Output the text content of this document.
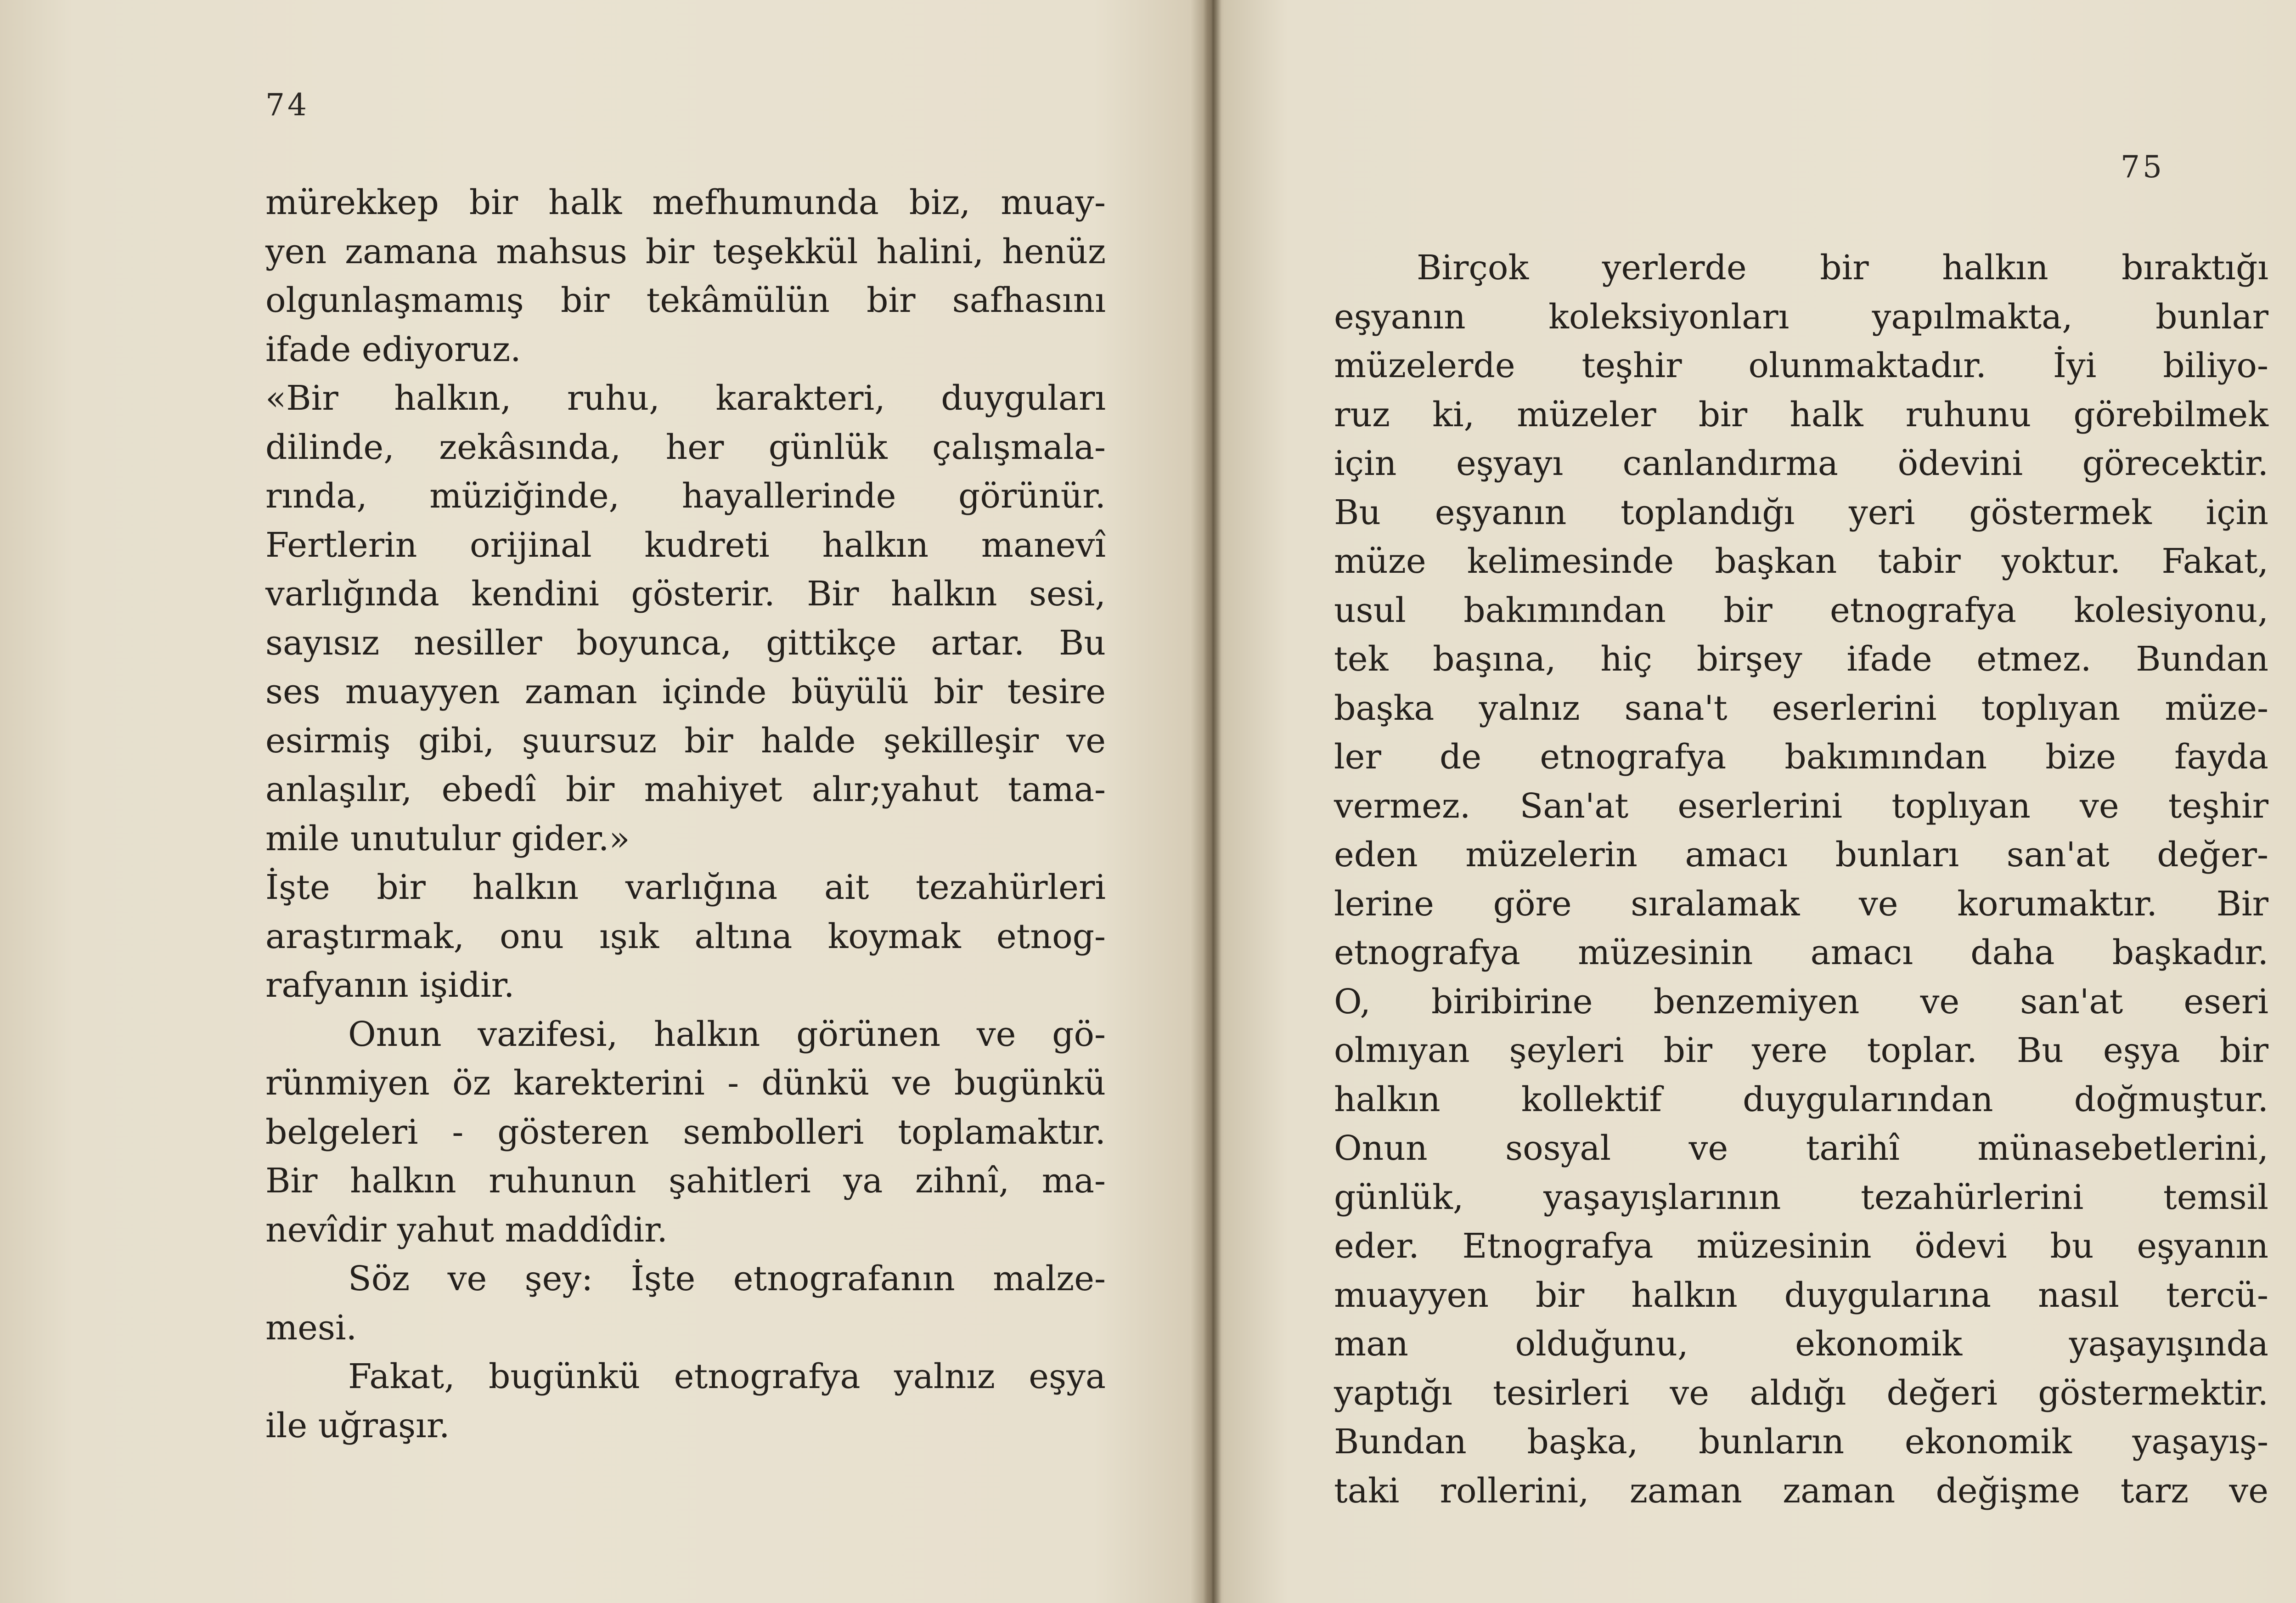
74
mürekkep bir halk mefhumunda biz, muay-
yen zamana mahsus bir teşekkül halini, henüz
olgunlaşmamış bir tekâmülün bir safhasını
ifade ediyoruz.
«Bir halkın, ruhu, karakteri, duyguları
dilinde, zekâsında, her günlük çalışmala-
rında, müziğinde, hayallerinde görünür.
Fertlerin orijinal kudreti halkın manevî
varlığında kendini gösterir. Bir halkın sesi,
sayısız nesiller boyunca, gittikçe artar. Bu
ses muayyen zaman içinde büyülü bir tesire
esirmiş gibi, şuursuz bir halde şekilleşir ve
anlaşılır, ebedî bir mahiyet alır;yahut tama-
mile unutulur gider.»
İşte bir halkın varlığına ait tezahürleri
araştırmak, onu ışık altına koymak etnog-
rafyanın işidir.
Onun vazifesi, halkın görünen ve gö-
rünmiyen öz karekterini - dünkü ve bugünkü
belgeleri - gösteren sembolleri toplamaktır.
Bir halkın ruhunun şahitleri ya zihnî, ma-
nevîdir yahut maddîdir.
Söz ve şey: İşte etnografanın malze-
mesi.
Fakat, bugünkü etnografya yalnız eşya
ile uğraşır.
75
Birçok yerlerde bir halkın bıraktığı
eşyanın koleksiyonları yapılmakta, bunlar
müzelerde teşhir olunmaktadır. İyi biliyo-
ruz ki, müzeler bir halk ruhunu görebilmek
için eşyayı canlandırma ödevini görecektir.
Bu eşyanın toplandığı yeri göstermek için
müze kelimesinde başkan tabir yoktur. Fakat,
usul bakımından bir etnografya kolesiyonu,
tek başına, hiç birşey ifade etmez. Bundan
başka yalnız sana't eserlerini toplıyan müze-
ler de etnografya bakımından bize fayda
vermez. San'at eserlerini toplıyan ve teşhir
eden müzelerin amacı bunları san'at değer-
lerine göre sıralamak ve korumaktır. Bir
etnografya müzesinin amacı daha başkadır.
O, biribirine benzemiyen ve san'at eseri
olmıyan şeyleri bir yere toplar. Bu eşya bir
halkın kollektif duygularından doğmuştur.
Onun sosyal ve tarihî münasebetlerini,
günlük, yaşayışlarının tezahürlerini temsil
eder. Etnografya müzesinin ödevi bu eşyanın
muayyen bir halkın duygularına nasıl tercü-
man olduğunu, ekonomik yaşayışında
yaptığı tesirleri ve aldığı değeri göstermektir.
Bundan başka, bunların ekonomik yaşayış-
taki rollerini, zaman zaman değişme tarz ve
